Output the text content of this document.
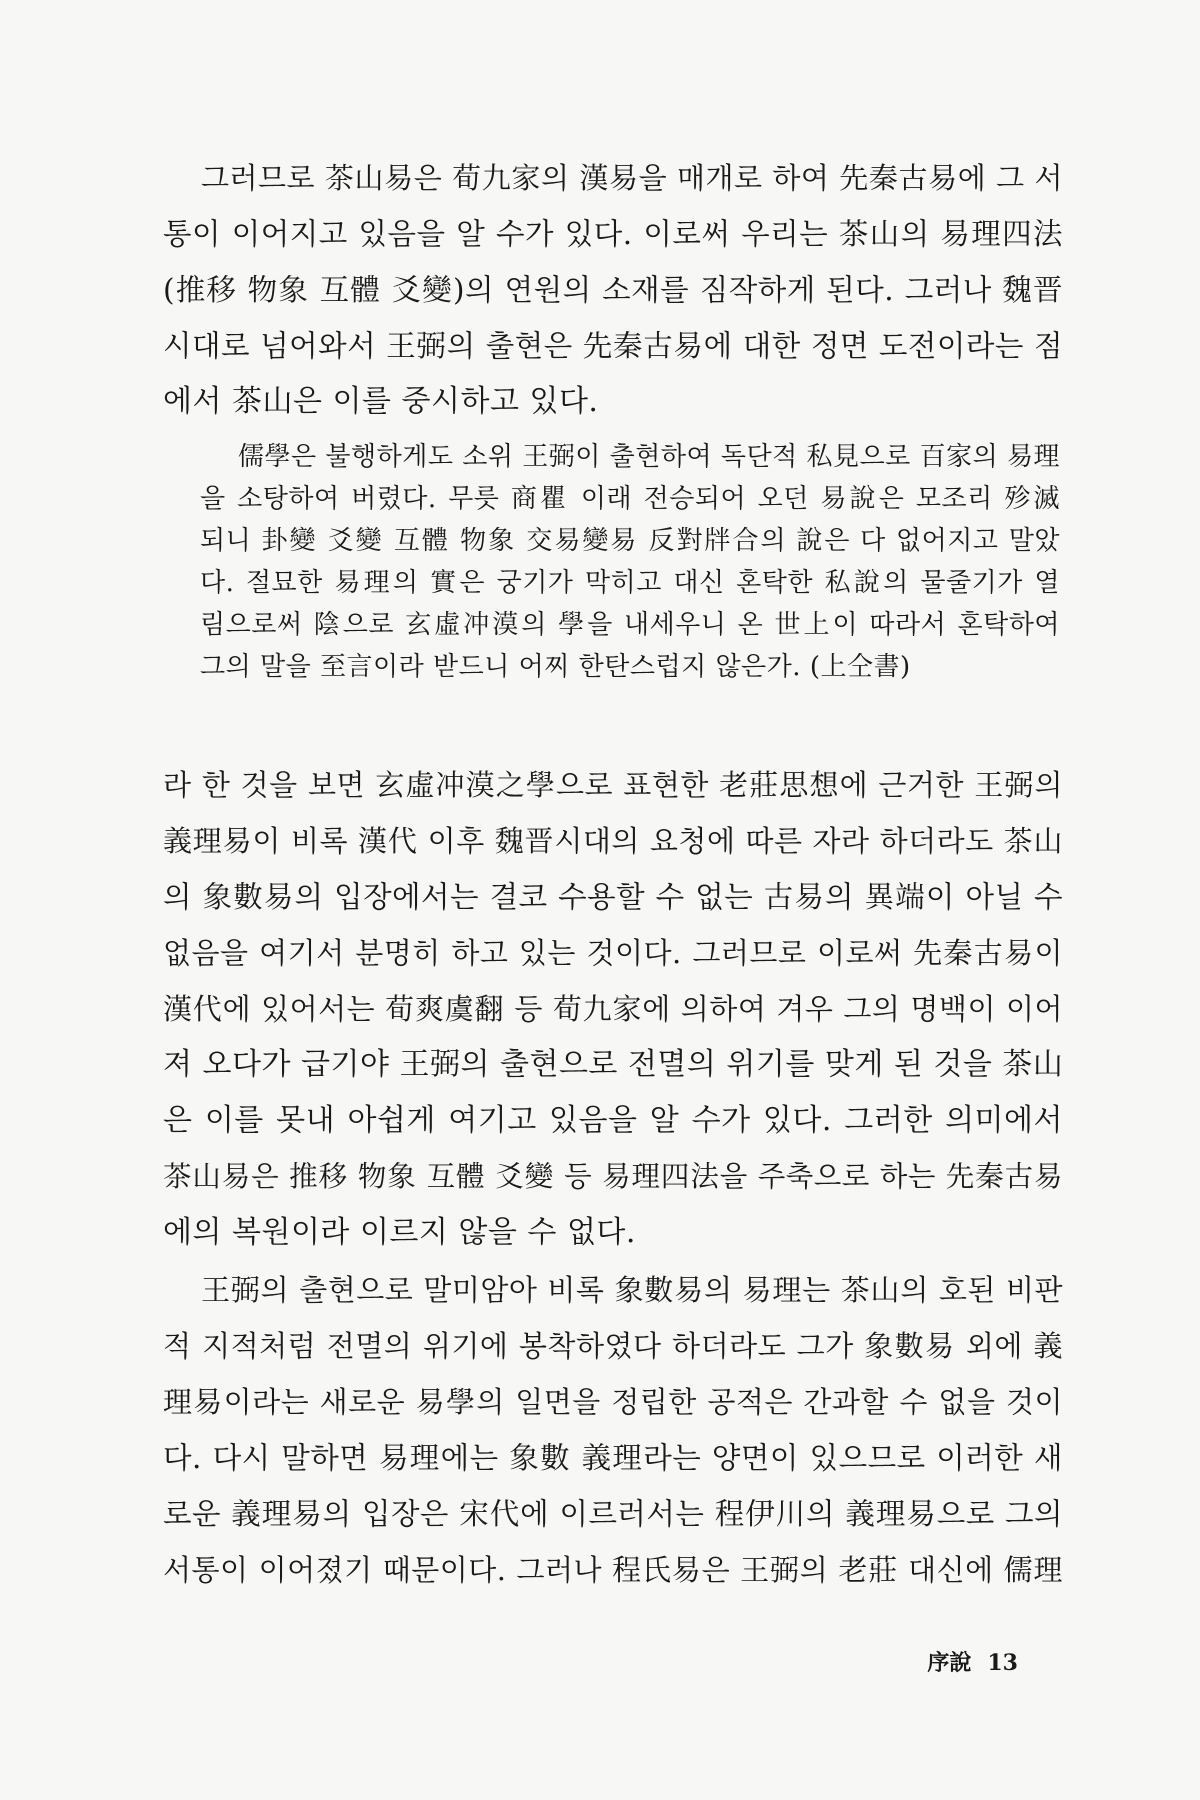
그러므로 茶山易은 荀九家의 漢易을 매개로 하여 先秦古易에 그 서
통이 이어지고 있음을 알 수가 있다. 이로써 우리는 茶山의 易理四法
(推移 物象 互體 爻變)의 연원의 소재를 짐작하게 된다. 그러나 魏晋
시대로 넘어와서 王弼의 출현은 先秦古易에 대한 정면 도전이라는 점
에서 茶山은 이를 중시하고 있다.
儒學은 불행하게도 소위 王弼이 출현하여 독단적 私見으로 百家의 易理
을 소탕하여 버렸다. 무릇 商瞿 이래 전승되어 오던 易說은 모조리 殄滅
되니 卦變 爻變 互體 物象 交易變易 反對牉合의 說은 다 없어지고 말았
다. 절묘한 易理의 實은 궁기가 막히고 대신 혼탁한 私說의 물줄기가 열
림으로써 陰으로 玄虛冲漠의 學을 내세우니 온 世上이 따라서 혼탁하여
그의 말을 至言이라 받드니 어찌 한탄스럽지 않은가. (上仝書)
라 한 것을 보면 玄虛冲漠之學으로 표현한 老莊思想에 근거한 王弼의
義理易이 비록 漢代 이후 魏晋시대의 요청에 따른 자라 하더라도 茶山
의 象數易의 입장에서는 결코 수용할 수 없는 古易의 異端이 아닐 수
없음을 여기서 분명히 하고 있는 것이다. 그러므로 이로써 先秦古易이
漢代에 있어서는 荀爽虞翻 등 荀九家에 의하여 겨우 그의 명백이 이어
져 오다가 급기야 王弼의 출현으로 전멸의 위기를 맞게 된 것을 茶山
은 이를 못내 아쉽게 여기고 있음을 알 수가 있다. 그러한 의미에서
茶山易은 推移 物象 互體 爻變 등 易理四法을 주축으로 하는 先秦古易
에의 복원이라 이르지 않을 수 없다.
王弼의 출현으로 말미암아 비록 象數易의 易理는 茶山의 호된 비판
적 지적처럼 전멸의 위기에 봉착하였다 하더라도 그가 象數易 외에 義
理易이라는 새로운 易學의 일면을 정립한 공적은 간과할 수 없을 것이
다. 다시 말하면 易理에는 象數 義理라는 양면이 있으므로 이러한 새
로운 義理易의 입장은 宋代에 이르러서는 程伊川의 義理易으로 그의
서통이 이어졌기 때문이다. 그러나 程氏易은 王弼의 老莊 대신에 儒理
序說 13
